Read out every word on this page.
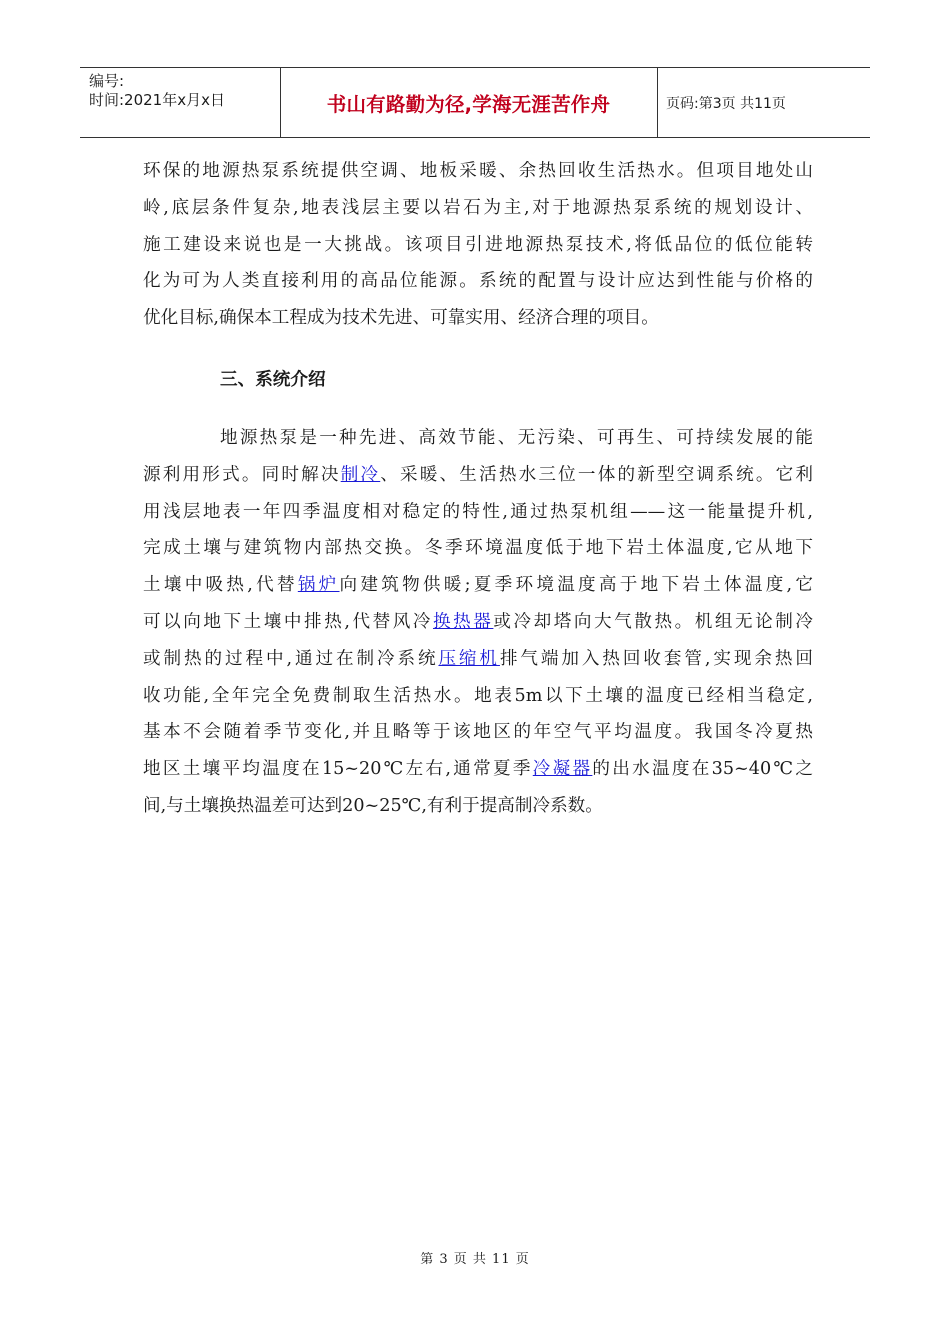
编号:
时间:2021年x月x日	书山有路勤为径,学海无涯苦作舟	页码:第3页 共11页
环保的地源热泵系统提供空调、地板采暖、余热回收生活热水。但项目地处山
岭,底层条件复杂,地表浅层主要以岩石为主,对于地源热泵系统的规划设计、
施工建设来说也是一大挑战。该项目引进地源热泵技术,将低品位的低位能转
化为可为人类直接利用的高品位能源。系统的配置与设计应达到性能与价格的
优化目标,确保本工程成为技术先进、可靠实用、经济合理的项目。
三、系统介绍
地源热泵是一种先进、高效节能、无污染、可再生、可持续发展的能
源利用形式。同时解决制冷、采暖、生活热水三位一体的新型空调系统。它利
用浅层地表一年四季温度相对稳定的特性,通过热泵机组——这一能量提升机,
完成土壤与建筑物内部热交换。冬季环境温度低于地下岩土体温度,它从地下
土壤中吸热,代替锅炉向建筑物供暖;夏季环境温度高于地下岩土体温度,它
可以向地下土壤中排热,代替风冷换热器或冷却塔向大气散热。机组无论制冷
或制热的过程中,通过在制冷系统压缩机排气端加入热回收套管,实现余热回
收功能,全年完全免费制取生活热水。地表5m以下土壤的温度已经相当稳定,
基本不会随着季节变化,并且略等于该地区的年空气平均温度。我国冬冷夏热
地区土壤平均温度在15~20℃左右,通常夏季冷凝器的出水温度在35~40℃之
间,与土壤换热温差可达到20~25℃,有利于提高制冷系数。
第 3 页 共 11 页
